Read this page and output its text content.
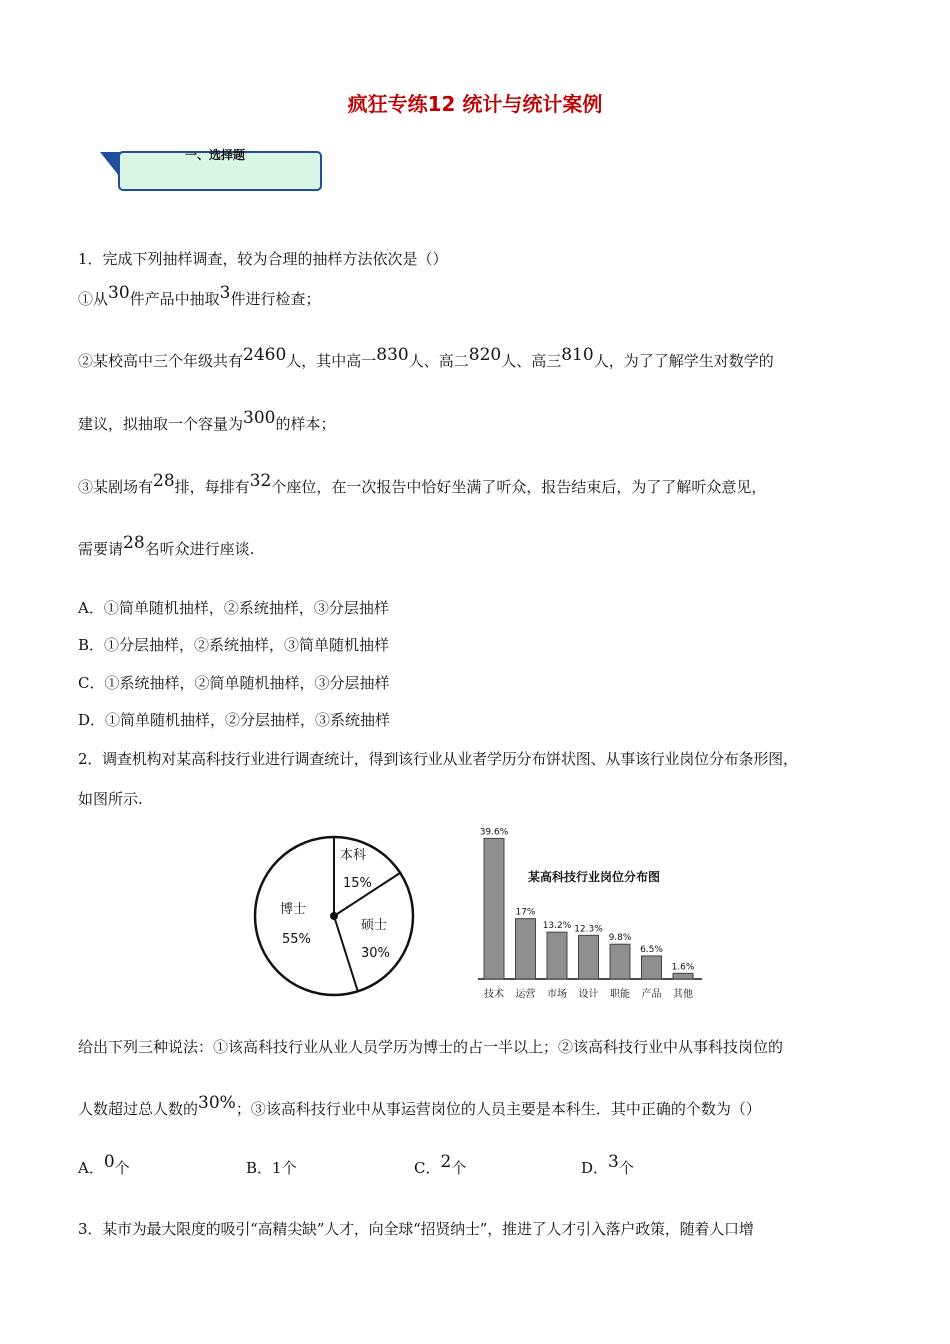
疯狂专练12 统计与统计案例
一、选择题
1．完成下列抽样调查，较为合理的抽样方法依次是（）
①从30件产品中抽取3件进行检查；
②某校高中三个年级共有2460人，其中高一830人、高二820人、高三810人，为了了解学生对数学的
建议，拟抽取一个容量为300的样本；
③某剧场有28排，每排有32个座位，在一次报告中恰好坐满了听众，报告结束后，为了了解听众意见，
需要请28名听众进行座谈.
A．①简单随机抽样，②系统抽样，③分层抽样
B．①分层抽样，②系统抽样，③简单随机抽样
C．①系统抽样，②简单随机抽样，③分层抽样
D．①简单随机抽样，②分层抽样，③系统抽样
2．调查机构对某高科技行业进行调查统计，得到该行业从业者学历分布饼状图、从事该行业岗位分布条形图，
如图所示.
本科
15%
硕士
30%
博士
55%
某高科技行业岗位分布图
39.6%
技术
17%
运营
13.2%
市场
12.3%
设计
9.8%
职能
6.5%
产品
1.6%
其他
给出下列三种说法：①该高科技行业从业人员学历为博士的占一半以上；②该高科技行业中从事科技岗位的
人数超过总人数的30%；③该高科技行业中从事运营岗位的人员主要是本科生．其中正确的个数为（）
A．0个	B．1个	C．2个	D．3个
3．某市为最大限度的吸引“高精尖缺”人才，向全球“招贤纳士”，推进了人才引入落户政策，随着人口增
